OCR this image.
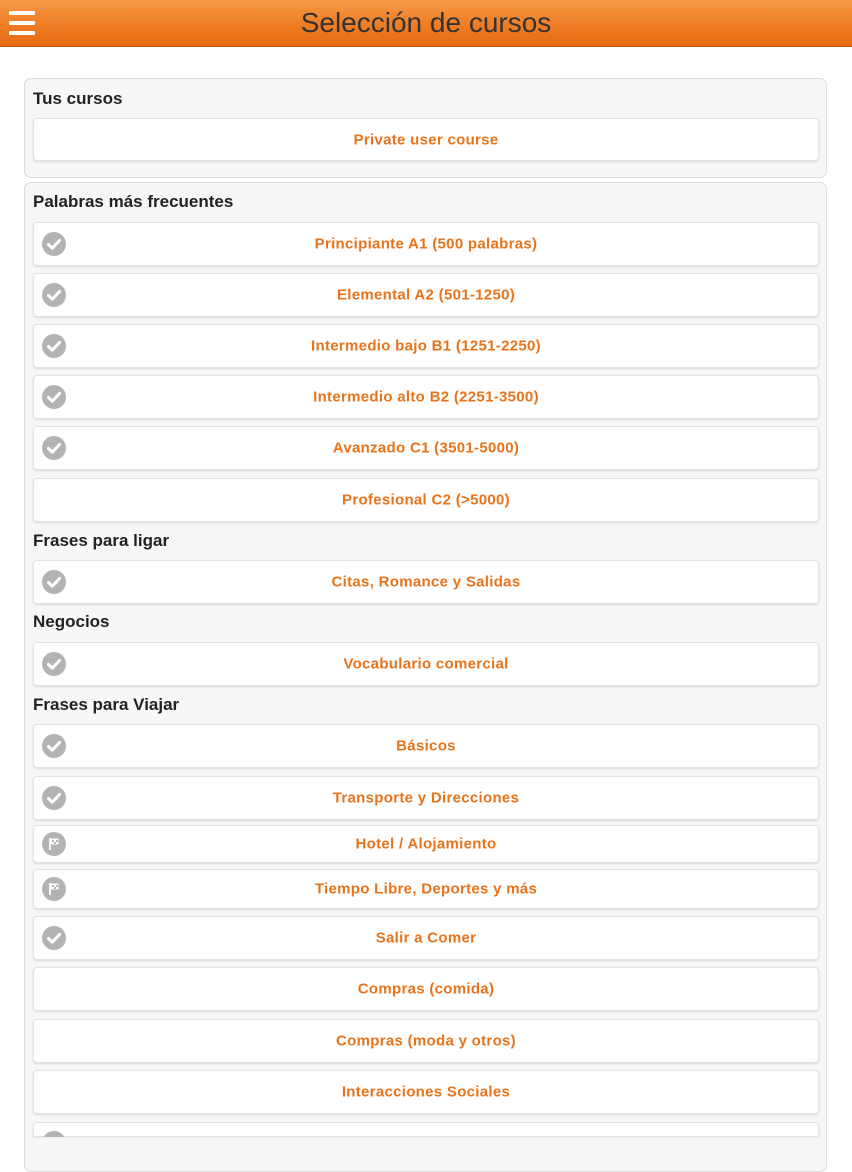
Selección de cursos
Tus cursos
Private user course
Palabras más frecuentes
Principiante A1 (500 palabras)
Elemental A2 (501-1250)
Intermedio bajo B1 (1251-2250)
Intermedio alto B2 (2251-3500)
Avanzado C1 (3501-5000)
Profesional C2 (>5000)
Frases para ligar
Citas, Romance y Salidas
Negocios
Vocabulario comercial
Frases para Viajar
Básicos
Transporte y Direcciones
Hotel / Alojamiento
Tiempo Libre, Deportes y más
Salir a Comer
Compras (comida)
Compras (moda y otros)
Interacciones Sociales
